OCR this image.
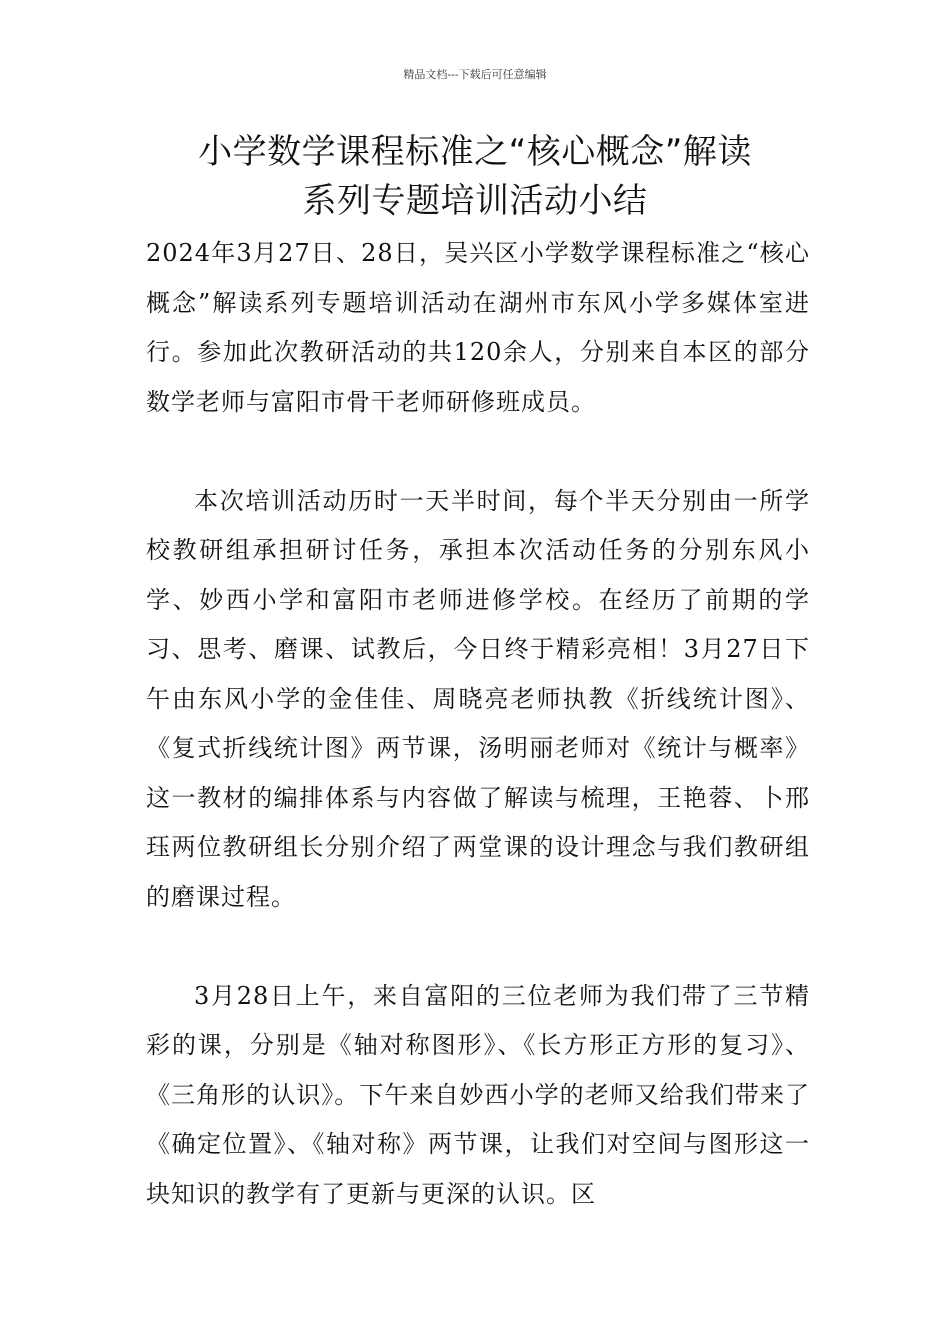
精品文档---下载后可任意编辑
小学数学课程标准之“核心概念”解读
系列专题培训活动小结

2024年3月27日、28日，吴兴区小学数学课程标准之“核心概念”解读系列专题培训活动在湖州市东风小学多媒体室进行。参加此次教研活动的共120余人，分别来自本区的部分数学老师与富阳市骨干老师研修班成员。

本次培训活动历时一天半时间，每个半天分别由一所学校教研组承担研讨任务，承担本次活动任务的分别东风小学、妙西小学和富阳市老师进修学校。在经历了前期的学习、思考、磨课、试教后，今日终于精彩亮相！3月27日下午由东风小学的金佳佳、周晓亮老师执教《折线统计图》、《复式折线统计图》两节课，汤明丽老师对《统计与概率》这一教材的编排体系与内容做了解读与梳理，王艳蓉、卜邢珏两位教研组长分别介绍了两堂课的设计理念与我们教研组的磨课过程。

3月28日上午，来自富阳的三位老师为我们带了三节精彩的课，分别是《轴对称图形》、《长方形正方形的复习》、《三角形的认识》。下午来自妙西小学的老师又给我们带来了《确定位置》、《轴对称》两节课，让我们对空间与图形这一块知识的教学有了更新与更深的认识。区
